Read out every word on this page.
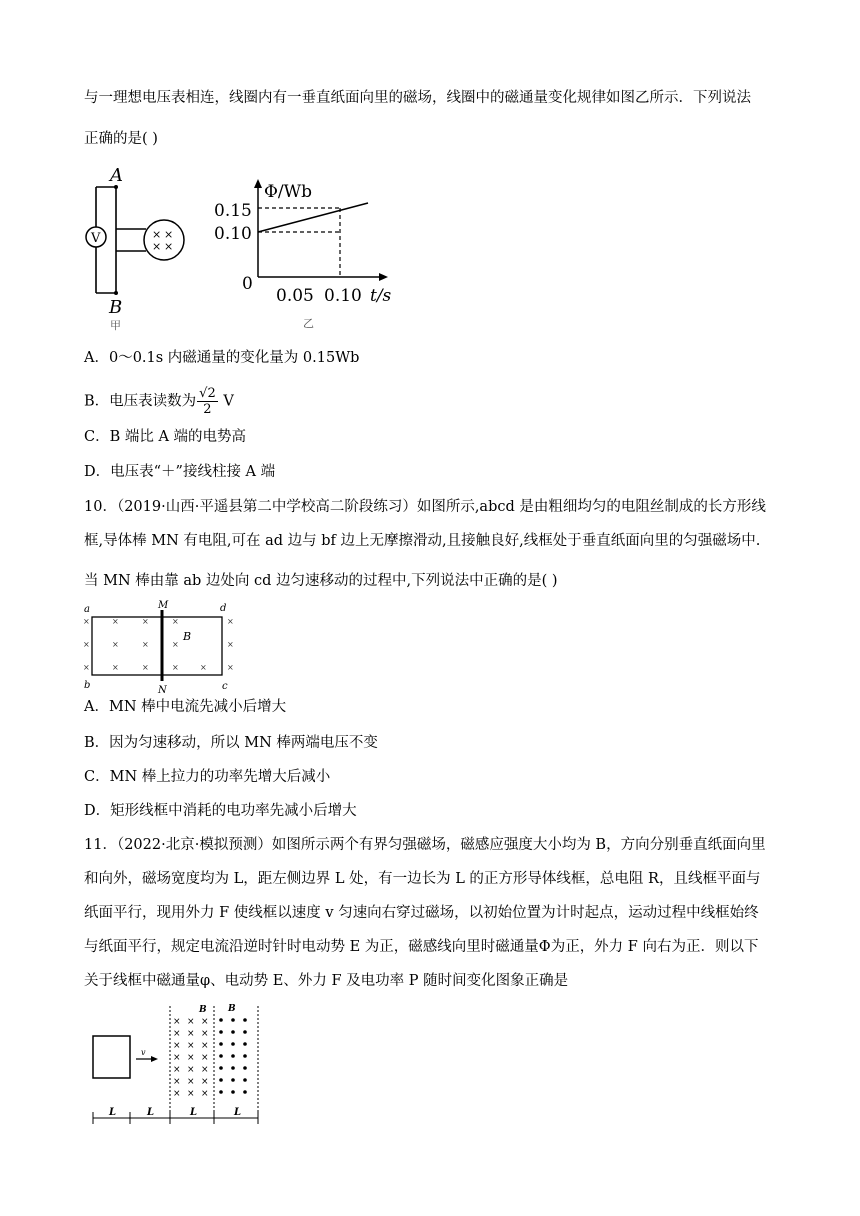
与一理想电压表相连，线圈内有一垂直纸面向里的磁场，线圈中的磁通量变化规律如图乙所示．下列说法
正确的是( )
V	× ×
× ×
A
B
甲
Φ/Wb
0.15
0.10
0
0.05 0.10 t/s
乙
A．0～0.1s 内磁通量的变化量为 0.15Wb
B．电压表读数为 $\frac{√2}{2}$ V
C．B 端比 A 端的电势高
D．电压表“＋”接线柱接 A 端
10．（2019·山西·平遥县第二中学校高二阶段练习）如图所示,abcd 是由粗细均匀的电阻丝制成的长方形线
框,导体棒 MN 有电阻,可在 ad 边与 bf 边上无摩擦滑动,且接触良好,线框处于垂直纸面向里的匀强磁场中.
当 MN 棒由靠 ab 边处向 cd 边匀速移动的过程中,下列说法中正确的是( )
×	×	×	×	×
×	×	×	×	×
×	×	×	×	×	×
a
b	c
d
M
N
B
A．MN 棒中电流先减小后增大
B．因为匀速移动，所以 MN 棒两端电压不变
C．MN 棒上拉力的功率先增大后减小
D．矩形线框中消耗的电功率先减小后增大
11．（2022·北京·模拟预测）如图所示两个有界匀强磁场，磁感应强度大小均为 B，方向分别垂直纸面向里
和向外，磁场宽度均为 L，距左侧边界 L 处，有一边长为 L 的正方形导体线框，总电阻 R，且线框平面与
纸面平行，现用外力 F 使线框以速度 v 匀速向右穿过磁场，以初始位置为计时起点，运动过程中线框始终
与纸面平行，规定电流沿逆时针时电动势 E 为正，磁感线向里时磁通量Φ为正，外力 F 向右为正．则以下
关于线框中磁通量φ、电动势 E、外力 F 及电功率 P 随时间变化图象正确是
v
B B
× × ×
× × ×
× × ×
× × ×
× × ×
× × ×
× × ×
L	L	L	L
